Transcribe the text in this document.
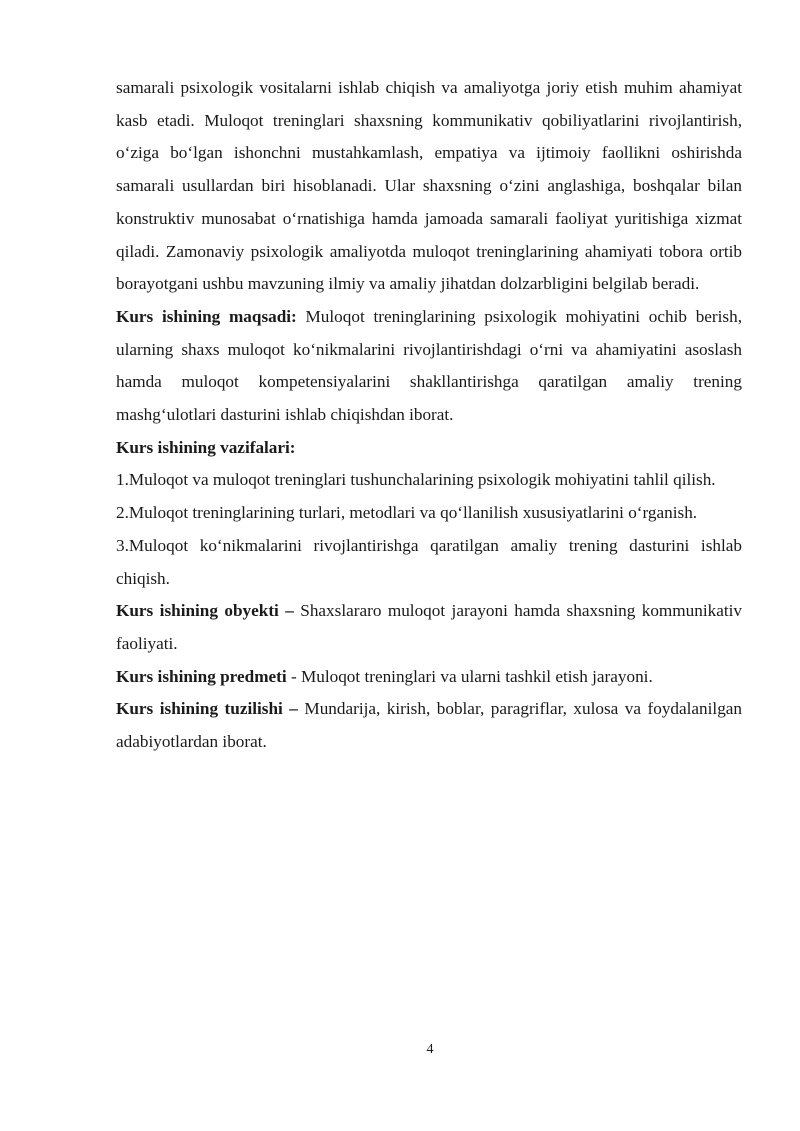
samarali psixologik vositalarni ishlab chiqish va amaliyotga joriy etish muhim ahamiyat kasb etadi. Muloqot treninglari shaxsning kommunikativ qobiliyatlarini rivojlantirish, o‘ziga bo‘lgan ishonchni mustahkamlash, empatiya va ijtimoiy faollikni oshirishda samarali usullardan biri hisoblanadi. Ular shaxsning o‘zini anglashiga, boshqalar bilan konstruktiv munosabat o‘rnatishiga hamda jamoada samarali faoliyat yuritishiga xizmat qiladi. Zamonaviy psixologik amaliyotda muloqot treninglarining ahamiyati tobora ortib borayotgani ushbu mavzuning ilmiy va amaliy jihatdan dolzarbligini belgilab beradi.

Kurs ishining maqsadi: Muloqot treninglarining psixologik mohiyatini ochib berish, ularning shaxs muloqot ko‘nikmalarini rivojlantirishdagi o‘rni va ahamiyatini asoslash hamda muloqot kompetensiyalarini shakllantirishga qaratilgan amaliy trening mashg‘ulotlari dasturini ishlab chiqishdan iborat.

Kurs ishining vazifalari:

1.Muloqot va muloqot treninglari tushunchalarining psixologik mohiyatini tahlil qilish.

2.Muloqot treninglarining turlari, metodlari va qo‘llanilish xususiyatlarini o‘rganish.

3.Muloqot ko‘nikmalarini rivojlantirishga qaratilgan amaliy trening dasturini ishlab chiqish.

Kurs ishining obyekti – Shaxslararo muloqot jarayoni hamda shaxsning kommunikativ faoliyati.

Kurs ishining predmeti - Muloqot treninglari va ularni tashkil etish jarayoni.

Kurs ishining tuzilishi – Mundarija, kirish, boblar, paragriflar, xulosa va foydalanilgan adabiyotlardan iborat.

4
